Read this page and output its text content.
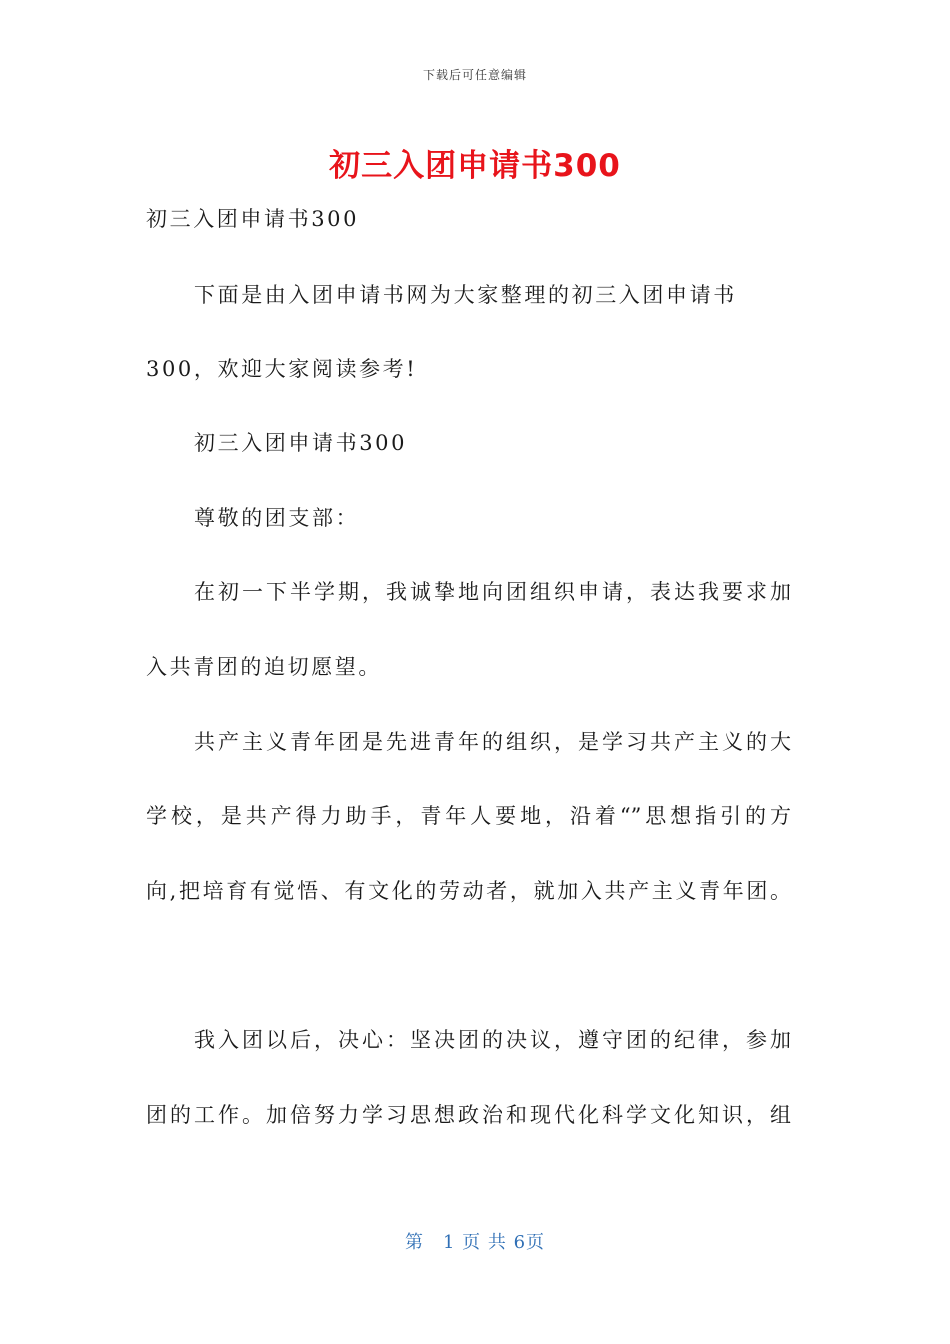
下载后可任意编辑
初三入团申请书300
初三入团申请书300
下面是由入团申请书网为大家整理的初三入团申请书
300，欢迎大家阅读参考!
初三入团申请书300
尊敬的团支部：
在初一下半学期，我诚挚地向团组织申请，表达我要求加
入共青团的迫切愿望。
共产主义青年团是先进青年的组织，是学习共产主义的大
学校，是共产得力助手，青年人要地，沿着“”思想指引的方
向,把培育有觉悟、有文化的劳动者，就加入共产主义青年团。
我入团以后，决心：坚决团的决议，遵守团的纪律，参加
团的工作。加倍努力学习思想政治和现代化科学文化知识，组
第　1 页 共 6页
